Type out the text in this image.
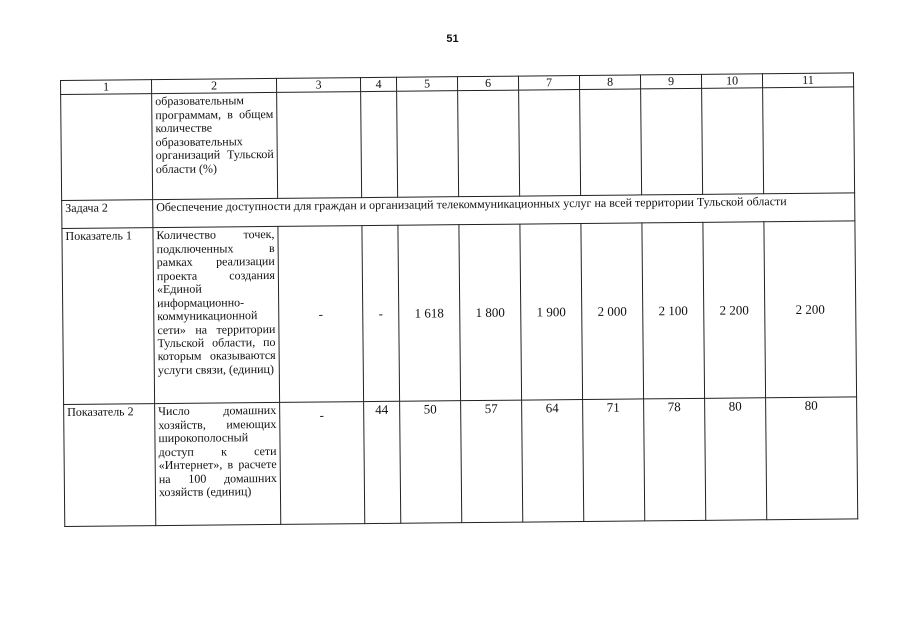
51
1	2	3	4	5	6	7	8	9	10	11
	образовательным программам, в общем количестве образовательных организаций Тульской области (%)									
Задача 2	Обеспечение доступности для граждан и организаций телекоммуникационных услуг на всей территории Тульской области									
Показатель 1	Количество точек, подключенных в рамках реализации проекта создания «Единой информационно-коммуникационной сети» на территории Тульской области, по которым оказываются услуги связи, (единиц)	-	-	1 618	1 800	1 900	2 000	2 100	2 200	2 200
Показатель 2	Число домашних хозяйств, имеющих широкополосный доступ к сети «Интернет», в расчете на 100 домашних хозяйств (единиц)	-	44	50	57	64	71	78	80	80
